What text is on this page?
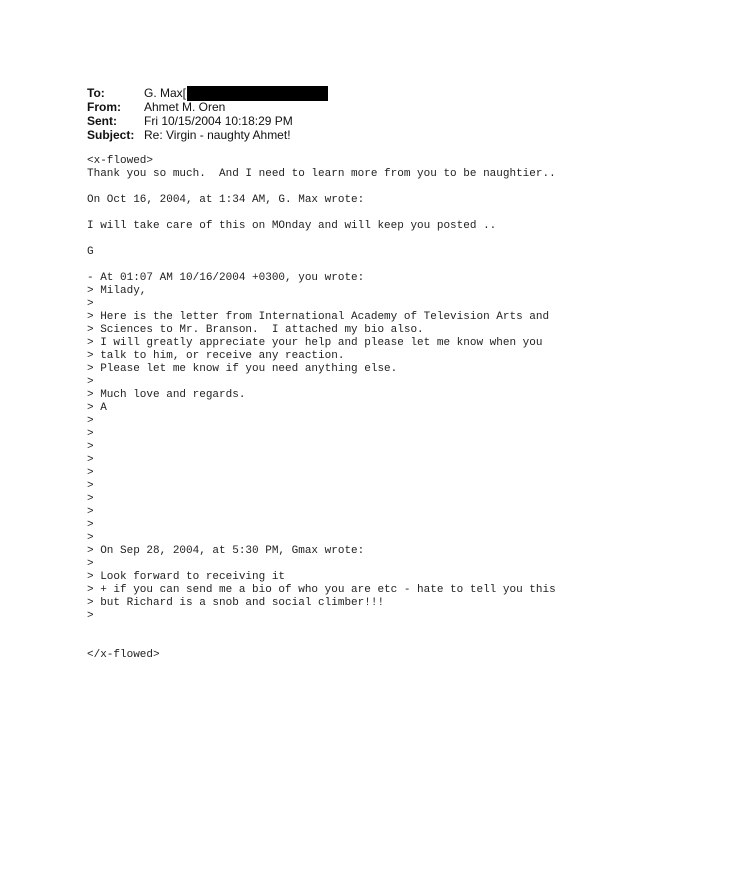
To:	G. Max[
From:	Ahmet M. Oren
Sent:	Fri 10/15/2004 10:18:29 PM
Subject: Re: Virgin - naughty Ahmet!
<x-flowed>
Thank you so much.  And I need to learn more from you to be naughtier..
On Oct 16, 2004, at 1:34 AM, G. Max wrote:
I will take care of this on MOnday and will keep you posted ..
G
- At 01:07 AM 10/16/2004 +0300, you wrote:
> Milady,
>
> Here is the letter from International Academy of Television Arts and
> Sciences to Mr. Branson.  I attached my bio also.
> I will greatly appreciate your help and please let me know when you
> talk to him, or receive any reaction.
> Please let me know if you need anything else.
>
> Much love and regards.
> A
>
>
>
>
>
>
>
>
>
>
> On Sep 28, 2004, at 5:30 PM, Gmax wrote:
>
> Look forward to receiving it
> + if you can send me a bio of who you are etc - hate to tell you this
> but Richard is a snob and social climber!!!
>
</x-flowed>
